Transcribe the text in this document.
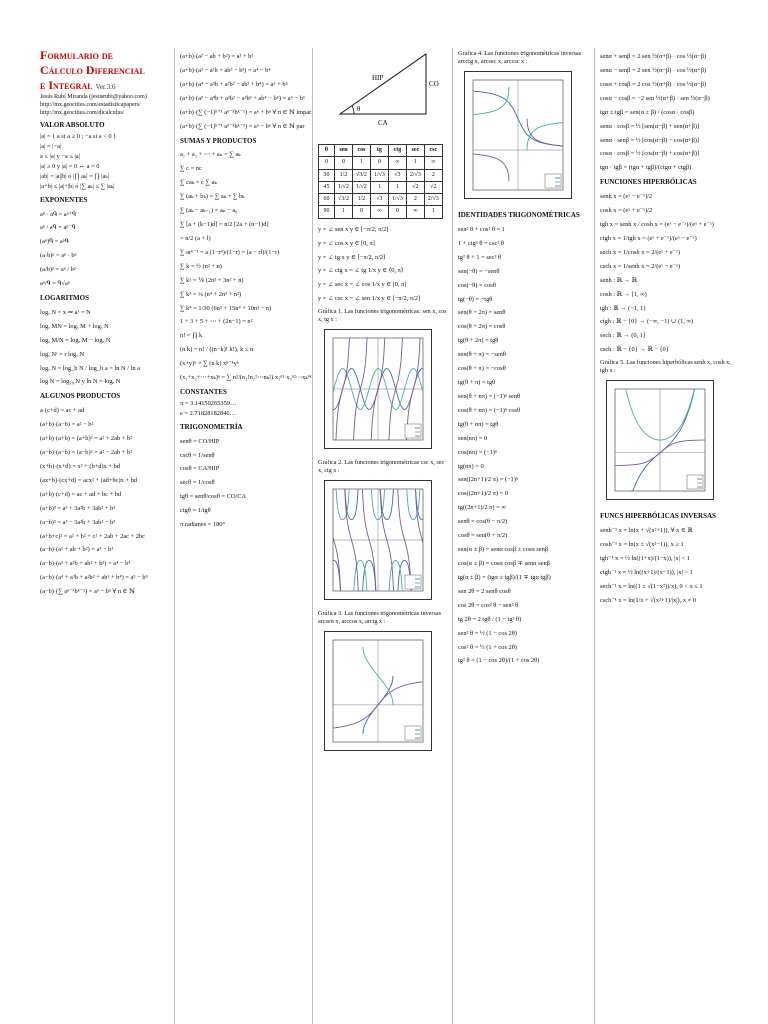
Formulario de
Cálculo Diferencial
e Integral Ver.3.6
Jesús Rubí Miranda (jesusrubi@yahoo.com)
http://mx.geocities.com/estadisticapapers/
http://mx.geocities.com/dicalculus/
VALOR ABSOLUTO
|a| = { a si a ≥ 0 ; −a si a < 0 }
|a| = |−a|
a ≤ |a| y −a ≤ |a|
|a| ≥ 0 y |a| = 0 ⇔ a = 0
|ab| = |a||b| ó |∏ aₖ| = ∏ |aₖ|
|a+b| ≤ |a|+|b| ó |∑ aₖ| ≤ ∑ |aₖ|
EXPONENTES
aᵖ · aᑫ = aᵖ⁺ᑫ
aᵖ / aᑫ = aᵖ⁻ᑫ
(aᵖ)ᑫ = aᵖᑫ
(a·b)ᵖ = aᵖ · bᵖ
(a/b)ᵖ = aᵖ / bᵖ
aᵖ/ᑫ = ᑫ√aᵖ
LOGARITMOS
logₐ N = x ⇒ aˣ = N
logₐ MN = logₐ M + logₐ N
logₐ M/N = logₐ M − logₐ N
logₐ Nʳ = r logₐ N
logₐ N = log_b N / log_b a = ln N / ln a
log N = log₁₀ N y ln N = logₑ N
ALGUNOS PRODUCTOS
a·(c+d) = ac + ad
(a+b)·(a−b) = a² − b²
(a+b)·(a+b) = (a+b)² = a² + 2ab + b²
(a−b)·(a−b) = (a−b)² = a² − 2ab + b²
(x+b)·(x+d) = x² + (b+d)x + bd
(ax+b)·(cx+d) = acx² + (ad+bc)x + bd
(a+b)·(c+d) = ac + ad + bc + bd
(a+b)³ = a³ + 3a²b + 3ab² + b³
(a−b)³ = a³ − 3a²b + 3ab² − b³
(a+b+c)² = a² + b² + c² + 2ab + 2ac + 2bc
(a−b)·(a² + ab + b²) = a³ − b³
(a−b)·(a³ + a²b + ab² + b³) = a⁴ − b⁴
(a−b)·(a⁴ + a³b + a²b² + ab³ + b⁴) = a⁵ − b⁵
(a−b)·(∑ aⁿ⁻ᵏbᵏ⁻¹) = aⁿ − bⁿ ∀ n ∈ ℕ
(a+b)·(a² − ab + b²) = a³ + b³
(a+b)·(a³ − a²b + ab² − b³) = a⁴ − b⁴
(a+b)·(a⁴ − a³b + a²b² − ab³ + b⁴) = a⁵ + b⁵
(a+b)·(a⁵ − a⁴b + a³b² − a²b³ + ab⁴ − b⁵) = a⁶ − b⁶
(a+b)·(∑ (−1)ᵏ⁺¹ aⁿ⁻ᵏbᵏ⁻¹) = aⁿ + bⁿ ∀ n ∈ ℕ impar
(a+b)·(∑ (−1)ᵏ⁺¹ aⁿ⁻ᵏbᵏ⁻¹) = aⁿ − bⁿ ∀ n ∈ ℕ par
SUMAS Y PRODUCTOS
a₁ + a₂ + ⋯ + aₙ = ∑ aₖ
∑ c = nc
∑ caₖ = c ∑ aₖ
∑ (aₖ + bₖ) = ∑ aₖ + ∑ bₖ
∑ (aₖ − aₖ₋₁) = aₙ − a₀
∑ [a + (k−1)d] = n/2 [2a + (n−1)d]
= n/2 (a + l)
∑ arᵏ⁻¹ = a (1−rⁿ)/(1−r) = (a − rl)/(1−r)
∑ k = ½ (n² + n)
∑ k² = ⅙ (2n³ + 3n² + n)
∑ k³ = ¼ (n⁴ + 2n³ + n²)
∑ k⁴ = 1/30 (6n⁵ + 15n⁴ + 10n³ − n)
1 + 3 + 5 + ⋯ + (2n−1) = n²
n! = ∏ k
(n k) = n! / ((n−k)! k!), k ≤ n
(x+y)ⁿ = ∑ (n k) xⁿ⁻ᵏyᵏ
(x₁+x₂+⋯+xₖ)ⁿ = ∑ n!/(n₁!n₂!⋯nₖ!) x₁ⁿ¹·x₂ⁿ²⋯xₖⁿᵏ
CONSTANTES
π = 3.14159265359…
e = 2.71828182846…
TRIGONOMETRÍA
senθ = CO/HIP
cscθ = 1/senθ
cosθ = CA/HIP
secθ = 1/cosθ
tgθ = senθ/cosθ = CO/CA
ctgθ = 1/tgθ
π radianes = 180°
θ
HIP
CO
CA
θ	sen	cos	tg	ctg	sec	csc
0	0	1	0	∞	1	∞
30	1/2	√3/2	1/√3	√3	2/√3	2
45	1/√2	1/√2	1	1	√2	√2
60	√3/2	1/2	√3	1/√3	2	2/√3
90	1	0	∞	0	∞	1
y = ∠ sen x y ∈ [−π/2, π/2]
y = ∠ cos x y ∈ [0, π]
y = ∠ tg x y ∈ ⟨−π/2, π/2⟩
y = ∠ ctg x = ∠ tg 1/x y ∈ ⟨0, π⟩
y = ∠ sec x = ∠ cos 1/x y ∈ [0, π]
y = ∠ csc x = ∠ sen 1/x y ∈ [−π/2, π/2]
Gráfica 1. Las funciones trigonométricas: sen x, cos x, tg x :
Gráfica 2. Las funciones trigonométricas csc x, sec x, ctg x :
Gráfica 3. Las funciones trigonométricas inversas arcsen x, arccos x, arctg x :
Gráfica 4. Las funciones trigonométricas inversas arcctg x, arcsec x, arccsc x :
IDENTIDADES TRIGONOMÉTRICAS
sen² θ + cos² θ = 1
1 + ctg² θ = csc² θ
tg² θ + 1 = sec² θ
sen(−θ) = −senθ
cos(−θ) = cosθ
tg(−θ) = −tgθ
sen(θ + 2π) = senθ
cos(θ + 2π) = cosθ
tg(θ + 2π) = tgθ
sen(θ + π) = −senθ
cos(θ + π) = −cosθ
tg(θ + π) = tgθ
sen(θ + nπ) = (−1)ⁿ senθ
cos(θ + nπ) = (−1)ⁿ cosθ
tg(θ + nπ) = tgθ
sen(nπ) = 0
cos(nπ) = (−1)ⁿ
tg(nπ) = 0
sen((2n+1)/2 π) = (−1)ⁿ
cos((2n+1)/2 π) = 0
tg((2n+1)/2 π) = ∞
senθ = cos(θ − π/2)
cosθ = sen(θ + π/2)
sen(α ± β) = senα cosβ ± cosα senβ
cos(α ± β) = cosα cosβ ∓ senα senβ
tg(α ± β) = (tgα ± tgβ)/(1 ∓ tgα tgβ)
sen 2θ = 2 senθ cosθ
cos 2θ = cos² θ − sen² θ
tg 2θ = 2 tgθ / (1 − tg² θ)
sen² θ = ½ (1 − cos 2θ)
cos² θ = ½ (1 + cos 2θ)
tg² θ = (1 − cos 2θ)/(1 + cos 2θ)
senα + senβ = 2 sen ½(α+β) · cos ½(α−β)
senα − senβ = 2 sen ½(α−β) · cos ½(α+β)
cosα + cosβ = 2 cos ½(α+β) · cos ½(α−β)
cosα − cosβ = −2 sen ½(α+β) · sen ½(α−β)
tgα ± tgβ = sen(α ± β) / (cosα · cosβ)
senα · cosβ = ½ [sen(α−β) + sen(α+β)]
senα · senβ = ½ [cos(α−β) − cos(α+β)]
cosα · cosβ = ½ [cos(α−β) + cos(α+β)]
tgα · tgβ = (tgα + tgβ)/(ctgα + ctgβ)
FUNCIONES HIPERBÓLICAS
senh x = (eˣ − e⁻ˣ)/2
cosh x = (eˣ + e⁻ˣ)/2
tgh x = senh x / cosh x = (eˣ − e⁻ˣ)/(eˣ + e⁻ˣ)
ctgh x = 1/tgh x = (eˣ + e⁻ˣ)/(eˣ − e⁻ˣ)
sech x = 1/cosh x = 2/(eˣ + e⁻ˣ)
csch x = 1/senh x = 2/(eˣ − e⁻ˣ)
senh : ℝ → ℝ
cosh : ℝ → [1, ∞)
tgh : ℝ → (−1, 1)
ctgh : ℝ − {0} → (−∞, −1) ∪ (1, ∞)
sech : ℝ → (0, 1]
csch : ℝ − {0} → ℝ − {0}
Gráfica 5. Las funciones hiperbólicas senh x, cosh x, tgh x :
FUNCS HIPERBÓLICAS INVERSAS
senh⁻¹ x = ln(x + √(x²+1)), ∀ x ∈ ℝ
cosh⁻¹ x = ln(x ± √(x²−1)), x ≥ 1
tgh⁻¹ x = ½ ln((1+x)/(1−x)), |x| < 1
ctgh⁻¹ x = ½ ln((x+1)/(x−1)), |x| > 1
sech⁻¹ x = ln((1 ± √(1−x²))/x), 0 < x ≤ 1
csch⁻¹ x = ln(1/x + √(x²+1)/|x|), x ≠ 0
